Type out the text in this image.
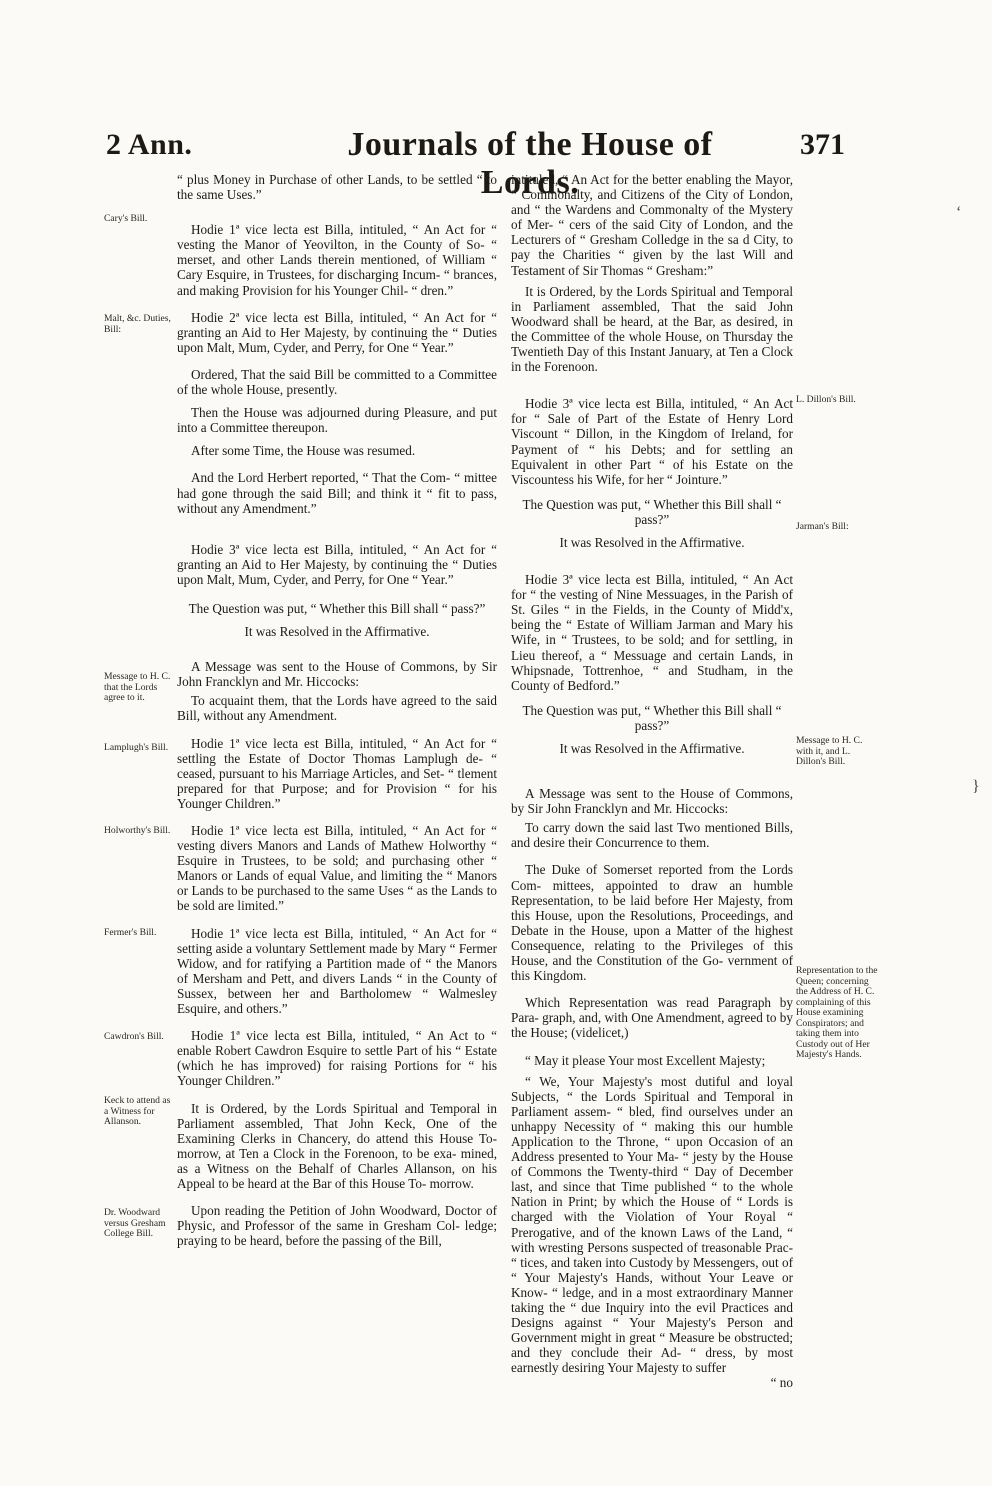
2 Ann.	Journals of the House of Lords.
371

“ plus Money in Purchase of other Lands, to be settled “ to the same Uses.”

Hodie 1ª vice lecta est Billa, intituled, “ An Act for “ vesting the Manor of Yeovilton, in the County of So- “ merset, and other Lands therein mentioned, of William “ Cary Esquire, in Trustees, for discharging Incum- “ brances, and making Provision for his Younger Chil- “ dren.”

Hodie 2ª vice lecta est Billa, intituled, “ An Act for “ granting an Aid to Her Majesty, by continuing the “ Duties upon Malt, Mum, Cyder, and Perry, for One “ Year.”

Ordered, That the said Bill be committed to a Committee of the whole House, presently.

Then the House was adjourned during Pleasure, and put into a Committee thereupon.

After some Time, the House was resumed.

And the Lord Herbert reported, “ That the Com- “ mittee had gone through the said Bill; and think it “ fit to pass, without any Amendment.”

Hodie 3ª vice lecta est Billa, intituled, “ An Act for “ granting an Aid to Her Majesty, by continuing the “ Duties upon Malt, Mum, Cyder, and Perry, for One “ Year.”

The Question was put, “ Whether this Bill shall “ pass?”

It was Resolved in the Affirmative.

A Message was sent to the House of Commons, by Sir John Francklyn and Mr. Hiccocks:

To acquaint them, that the Lords have agreed to the said Bill, without any Amendment.

Hodie 1ª vice lecta est Billa, intituled, “ An Act for “ settling the Estate of Doctor Thomas Lamplugh de- “ ceased, pursuant to his Marriage Articles, and Set- “ tlement prepared for that Purpose; and for Provision “ for his Younger Children.”

Hodie 1ª vice lecta est Billa, intituled, “ An Act for “ vesting divers Manors and Lands of Mathew Holworthy “ Esquire in Trustees, to be sold; and purchasing other “ Manors or Lands of equal Value, and limiting the “ Manors or Lands to be purchased to the same Uses “ as the Lands to be sold are limited.”

Hodie 1ª vice lecta est Billa, intituled, “ An Act for “ setting aside a voluntary Settlement made by Mary “ Fermer Widow, and for ratifying a Partition made of “ the Manors of Mersham and Pett, and divers Lands “ in the County of Sussex, between her and Bartholomew “ Walmesley Esquire, and others.”

Hodie 1ª vice lecta est Billa, intituled, “ An Act to “ enable Robert Cawdron Esquire to settle Part of his “ Estate (which he has improved) for raising Portions for “ his Younger Children.”

It is Ordered, by the Lords Spiritual and Temporal in Parliament assembled, That John Keck, One of the Examining Clerks in Chancery, do attend this House To- morrow, at Ten a Clock in the Forenoon, to be exa- mined, as a Witness on the Behalf of Charles Allanson, on his Appeal to be heard at the Bar of this House To- morrow.

Upon reading the Petition of John Woodward, Doctor of Physic, and Professor of the same in Gresham Col- ledge; praying to be heard, before the passing of the Bill,

intituled, “ An Act for the better enabling the Mayor, “ Commonalty, and Citizens of the City of London, and “ the Wardens and Commonalty of the Mystery of Mer- “ cers of the said City of London, and the Lecturers of “ Gresham Colledge in the sa d City, to pay the Charities “ given by the last Will and Testament of Sir Thomas “ Gresham:”

It is Ordered, by the Lords Spiritual and Temporal in Parliament assembled, That the said John Woodward shall be heard, at the Bar, as desired, in the Committee of the whole House, on Thursday the Twentieth Day of this Instant January, at Ten a Clock in the Forenoon.

Hodie 3ª vice lecta est Billa, intituled, “ An Act for “ Sale of Part of the Estate of Henry Lord Viscount “ Dillon, in the Kingdom of Ireland, for Payment of “ his Debts; and for settling an Equivalent in other Part “ of his Estate on the Viscountess his Wife, for her “ Jointure.”

The Question was put, “ Whether this Bill shall “ pass?”

It was Resolved in the Affirmative.

Hodie 3ª vice lecta est Billa, intituled, “ An Act for “ the vesting of Nine Messuages, in the Parish of St. Giles “ in the Fields, in the County of Midd'x, being the “ Estate of William Jarman and Mary his Wife, in “ Trustees, to be sold; and for settling, in Lieu thereof, a “ Messuage and certain Lands, in Whipsnade, Tottrenhoe, “ and Studham, in the County of Bedford.”

The Question was put, “ Whether this Bill shall “ pass?”

It was Resolved in the Affirmative.

A Message was sent to the House of Commons, by Sir John Francklyn and Mr. Hiccocks:

To carry down the said last Two mentioned Bills, and desire their Concurrence to them.

The Duke of Somerset reported from the Lords Com- mittees, appointed to draw an humble Representation, to be laid before Her Majesty, from this House, upon the Resolutions, Proceedings, and Debate in the House, upon a Matter of the highest Consequence, relating to the Privileges of this House, and the Constitution of the Go- vernment of this Kingdom.

Which Representation was read Paragraph by Para- graph, and, with One Amendment, agreed to by the House; (videlicet,)

“ May it please Your most Excellent Majesty;

“ We, Your Majesty's most dutiful and loyal Subjects, “ the Lords Spiritual and Temporal in Parliament assem- “ bled, find ourselves under an unhappy Necessity of “ making this our humble Application to the Throne, “ upon Occasion of an Address presented to Your Ma- “ jesty by the House of Commons the Twenty-third “ Day of December last, and since that Time published “ to the whole Nation in Print; by which the House of “ Lords is charged with the Violation of Your Royal “ Prerogative, and of the known Laws of the Land, “ with wresting Persons suspected of treasonable Prac- “ tices, and taken into Custody by Messengers, out of “ Your Majesty's Hands, without Your Leave or Know- “ ledge, and in a most extraordinary Manner taking the “ due Inquiry into the evil Practices and Designs against “ Your Majesty's Person and Government might in great “ Measure be obstructed; and they conclude their Ad- “ dress, by most earnestly desiring Your Majesty to suffer

“ no

Cary's Bill.
Malt, &c. Duties, Bill:
Message to H. C. that the Lords agree to it.
Lamplugh's Bill.
Holworthy's Bill.
Fermer's Bill.
Cawdron's Bill.
Keck to attend as a Witness for Allanson.
Dr. Woodward versus Gresham College Bill.
L. Dillon's Bill.
Jarman's Bill:
Message to H. C. with it, and L. Dillon's Bill.
Representation to the Queen; concerning the Address of H. C. complaining of this House examining Conspirators; and taking them into Custody out of Her Majesty's Hands.
‘
}
